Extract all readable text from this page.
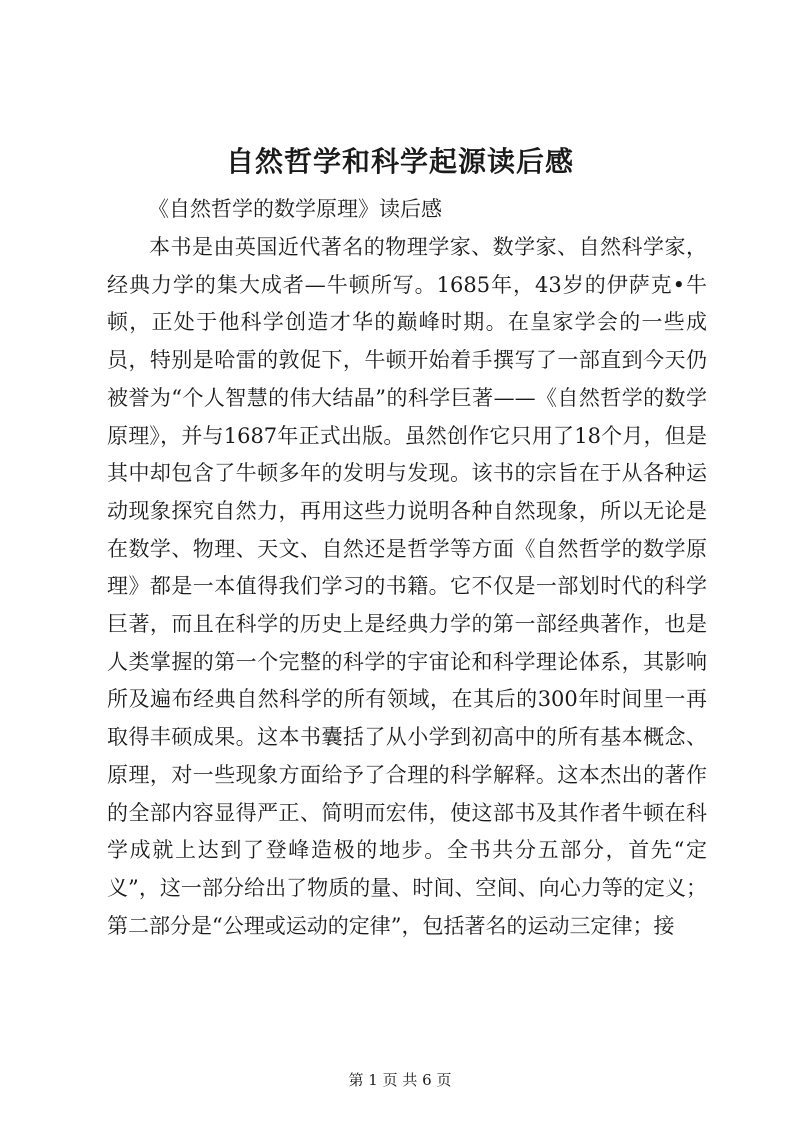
自然哲学和科学起源读后感
《自然哲学的数学原理》读后感

本书是由英国近代著名的物理学家、数学家、自然科学家，经典力学的集大成者—牛顿所写。1685年，43岁的伊萨克•牛顿，正处于他科学创造才华的巅峰时期。在皇家学会的一些成员，特别是哈雷的敦促下，牛顿开始着手撰写了一部直到今天仍被誉为“个人智慧的伟大结晶”的科学巨著——《自然哲学的数学原理》，并与1687年正式出版。虽然创作它只用了18个月，但是其中却包含了牛顿多年的发明与发现。该书的宗旨在于从各种运动现象探究自然力，再用这些力说明各种自然现象，所以无论是在数学、物理、天文、自然还是哲学等方面《自然哲学的数学原理》都是一本值得我们学习的书籍。它不仅是一部划时代的科学巨著，而且在科学的历史上是经典力学的第一部经典著作，也是人类掌握的第一个完整的科学的宇宙论和科学理论体系，其影响所及遍布经典自然科学的所有领域，在其后的300年时间里一再取得丰硕成果。这本书囊括了从小学到初高中的所有基本概念、原理，对一些现象方面给予了合理的科学解释。这本杰出的著作的全部内容显得严正、简明而宏伟，使这部书及其作者牛顿在科学成就上达到了登峰造极的地步。全书共分五部分，首先“定义”，这一部分给出了物质的量、时间、空间、向心力等的定义；第二部分是“公理或运动的定律”，包括著名的运动三定律；接

第 1 页 共 6 页
